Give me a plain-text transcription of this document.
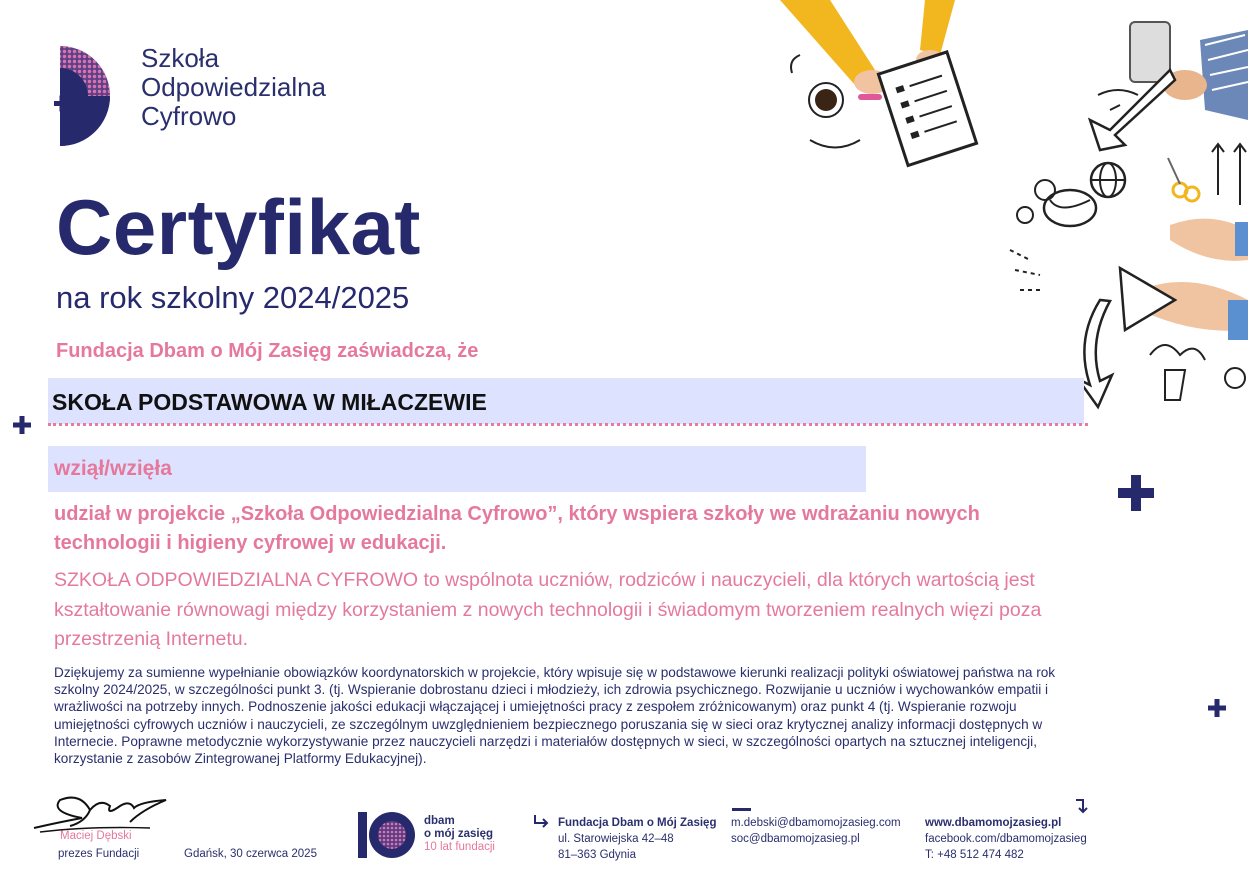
Szkoła
Odpowiedzialna
Cyfrowo
Certyfikat
na rok szkolny 2024/2025
Fundacja Dbam o Mój Zasięg zaświadcza, że
SKOŁA PODSTAWOWA W MIŁACZEWIE
wziął/wzięła
udział w projekcie „Szkoła Odpowiedzialna Cyfrowo”, który wspiera szkoły we wdrażaniu nowych technologii i higieny cyfrowej w edukacji.
SZKOŁA ODPOWIEDZIALNA CYFROWO to wspólnota uczniów, rodziców i nauczycieli, dla których wartością jest kształtowanie równowagi między korzystaniem z nowych technologii i świadomym tworzeniem realnych więzi poza przestrzenią Internetu.
Dziękujemy za sumienne wypełnianie obowiązków koordynatorskich w projekcie, który wpisuje się w podstawowe kierunki realizacji polityki oświatowej państwa na rok szkolny 2024/2025, w szczególności punkt 3. (tj. Wspieranie dobrostanu dzieci i młodzieży, ich zdrowia psychicznego. Rozwijanie u uczniów i wychowanków empatii i wrażliwości na potrzeby innych. Podnoszenie jakości edukacji włączającej i umiejętności pracy z zespołem zróżnicowanym) oraz punkt 4 (tj. Wspieranie rozwoju umiejętności cyfrowych uczniów i nauczycieli, ze szczególnym uwzględnieniem bezpiecznego poruszania się w sieci oraz krytycznej analizy informacji dostępnych w Internecie. Poprawne metodycznie wykorzystywanie przez nauczycieli narzędzi i materiałów dostępnych w sieci, w szczególności opartych na sztucznej inteligencji, korzystanie z zasobów Zintegrowanej Platformy Edukacyjnej).
Maciej Dębski
prezes Fundacji	Gdańsk, 30 czerwca 2025
dbam
o mój zasięg
10 lat fundacji
Fundacja Dbam o Mój Zasięg
ul. Starowiejska 42–48
81–363 Gdynia
m.debski@dbamomojzasieg.com
soc@dbamomojzasieg.pl
www.dbamomojzasieg.pl
facebook.com/dbamomojzasieg
T: +48 512 474 482
